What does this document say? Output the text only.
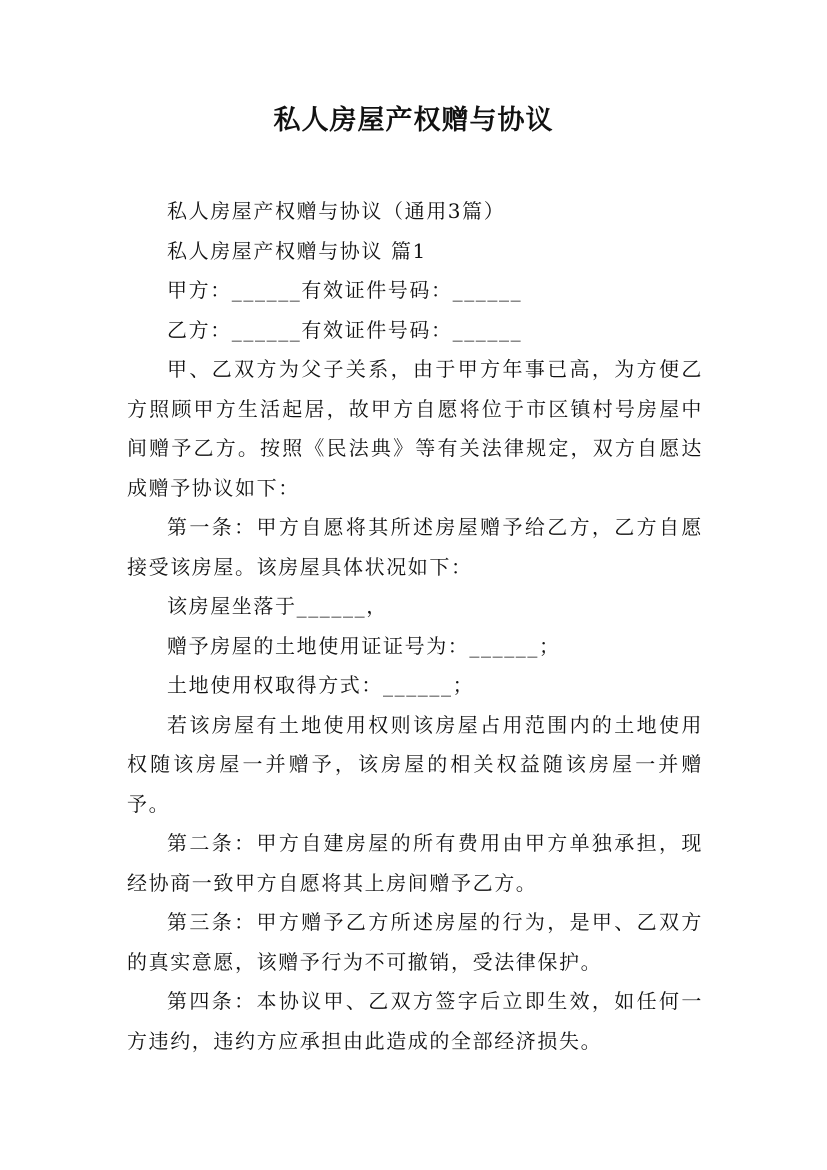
私人房屋产权赠与协议

私人房屋产权赠与协议（通用3篇）

私人房屋产权赠与协议 篇1

甲方：______有效证件号码：______

乙方：______有效证件号码：______

甲、乙双方为父子关系，由于甲方年事已高，为方便乙方照顾甲方生活起居，故甲方自愿将位于市区镇村号房屋中间赠予乙方。按照《民法典》等有关法律规定，双方自愿达成赠予协议如下：

第一条：甲方自愿将其所述房屋赠予给乙方，乙方自愿接受该房屋。该房屋具体状况如下：

该房屋坐落于______，

赠予房屋的土地使用证证号为：______；

土地使用权取得方式：______；

若该房屋有土地使用权则该房屋占用范围内的土地使用权随该房屋一并赠予，该房屋的相关权益随该房屋一并赠予。

第二条：甲方自建房屋的所有费用由甲方单独承担，现经协商一致甲方自愿将其上房间赠予乙方。

第三条：甲方赠予乙方所述房屋的行为，是甲、乙双方的真实意愿，该赠予行为不可撤销，受法律保护。

第四条：本协议甲、乙双方签字后立即生效，如任何一方违约，违约方应承担由此造成的全部经济损失。
